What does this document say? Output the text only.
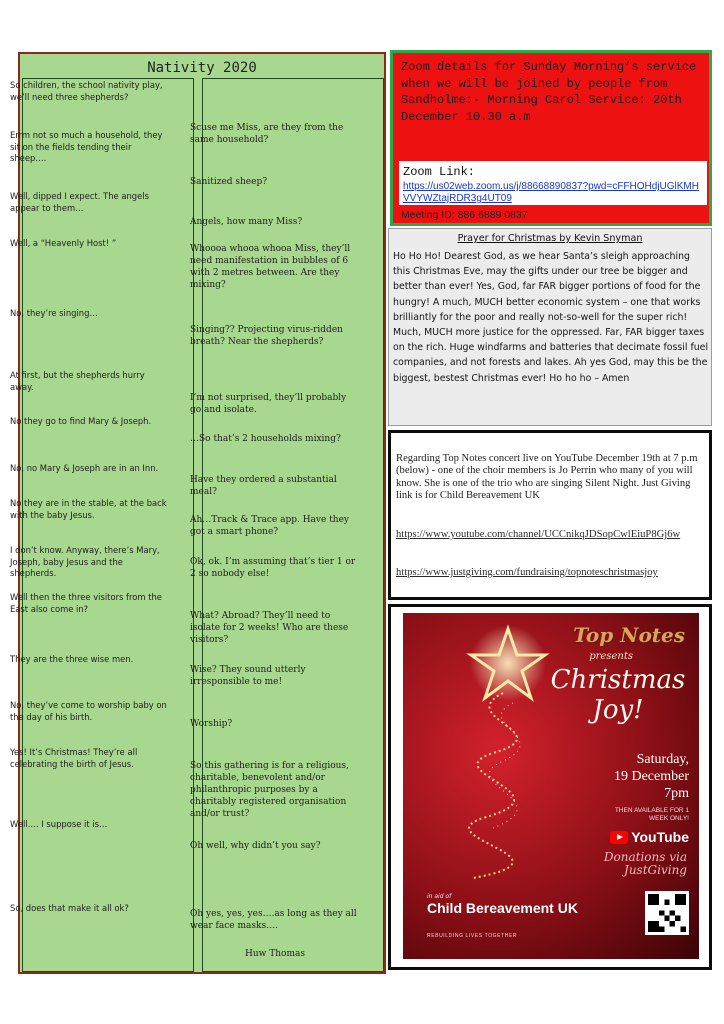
Nativity 2020
So children, the school nativity play, we’ll need three shepherds?
Errm not so much a household, they sit on the fields tending their sheep….
Well, dipped I expect. The angels appear to them…
Well, a “Heavenly Host! ”
No, they’re singing…
At first, but the shepherds hurry away.
No they go to find Mary & Joseph.
No, no Mary & Joseph are in an Inn.
No they are in the stable, at the back with the baby Jesus.
I don’t know. Anyway, there’s Mary, Joseph, baby Jesus and the shepherds.
Well then the three visitors from the East also come in?
They are the three wise men.
No, they’ve come to worship baby on the day of his birth.
Yes! It’s Christmas! They’re all celebrating the birth of Jesus.
Well…. I suppose it is…
So, does that make it all ok?
Scuse me Miss, are they from the same household?
Sanitized sheep?
Angels, how many Miss?
Whoooa whooa whooa Miss, they’ll need manifestation in bubbles of 6 with 2 metres between. Are they mixing?
Singing?? Projecting virus-ridden breath? Near the shepherds?
I’m not surprised, they’ll probably go and isolate.
…So that’s 2 households mixing?
Have they ordered a substantial meal?
Ah…Track & Trace app. Have they got a smart phone?
Ok, ok. I’m assuming that’s tier 1 or 2 so nobody else!
What? Abroad? They’ll need to isolate for 2 weeks! Who are these visitors?
Wise? They sound utterly irresponsible to me!
Worship?
So this gathering is for a religious, charitable, benevolent and/or philanthropic purposes by a charitably registered organisation and/or trust?
Oh well, why didn’t you say?
Oh yes, yes, yes….as long as they all wear face masks….
Huw Thomas
Zoom details for Sunday Morning’s service when we will be joined by people from Sandholme:- Morning Carol Service: 20th December 10.30 a.m
Zoom Link:
https://us02web.zoom.us/j/88668890837?pwd=cFFHOHdjUGlKMHVVYWZtajRDR3g4UT09
Meeting ID: 886 6889 0837
Prayer for Christmas by Kevin Snyman
Ho Ho Ho! Dearest God, as we hear Santa’s sleigh approaching this Christmas Eve, may the gifts under our tree be bigger and better than ever! Yes, God, far FAR bigger portions of food for the hungry! A much, MUCH better economic system – one that works brilliantly for the poor and really not-so-well for the super rich! Much, MUCH more justice for the oppressed. Far, FAR bigger taxes on the rich. Huge windfarms and batteries that decimate fossil fuel companies, and not forests and lakes. Ah yes God, may this be the biggest, bestest Christmas ever! Ho ho ho – Amen
Regarding Top Notes concert live on YouTube December 19th at 7 p.m (below) - one of the choir members is Jo Perrin who many of you will know. She is one of the trio who are singing Silent Night. Just Giving link is for Child Bereavement UK
https://www.youtube.com/channel/UCCnikqJDSopCwlEiuP8Gj6w
https://www.justgiving.com/fundraising/topnoteschristmasjoy
Top Notes
presents
Christmas Joy!
Saturday,
19 December
7pm
THEN AVAILABLE FOR 1 WEEK ONLY!
YouTube
Donations via JustGiving
in aid of
Child Bereavement UK
REBUILDING LIVES TOGETHER
